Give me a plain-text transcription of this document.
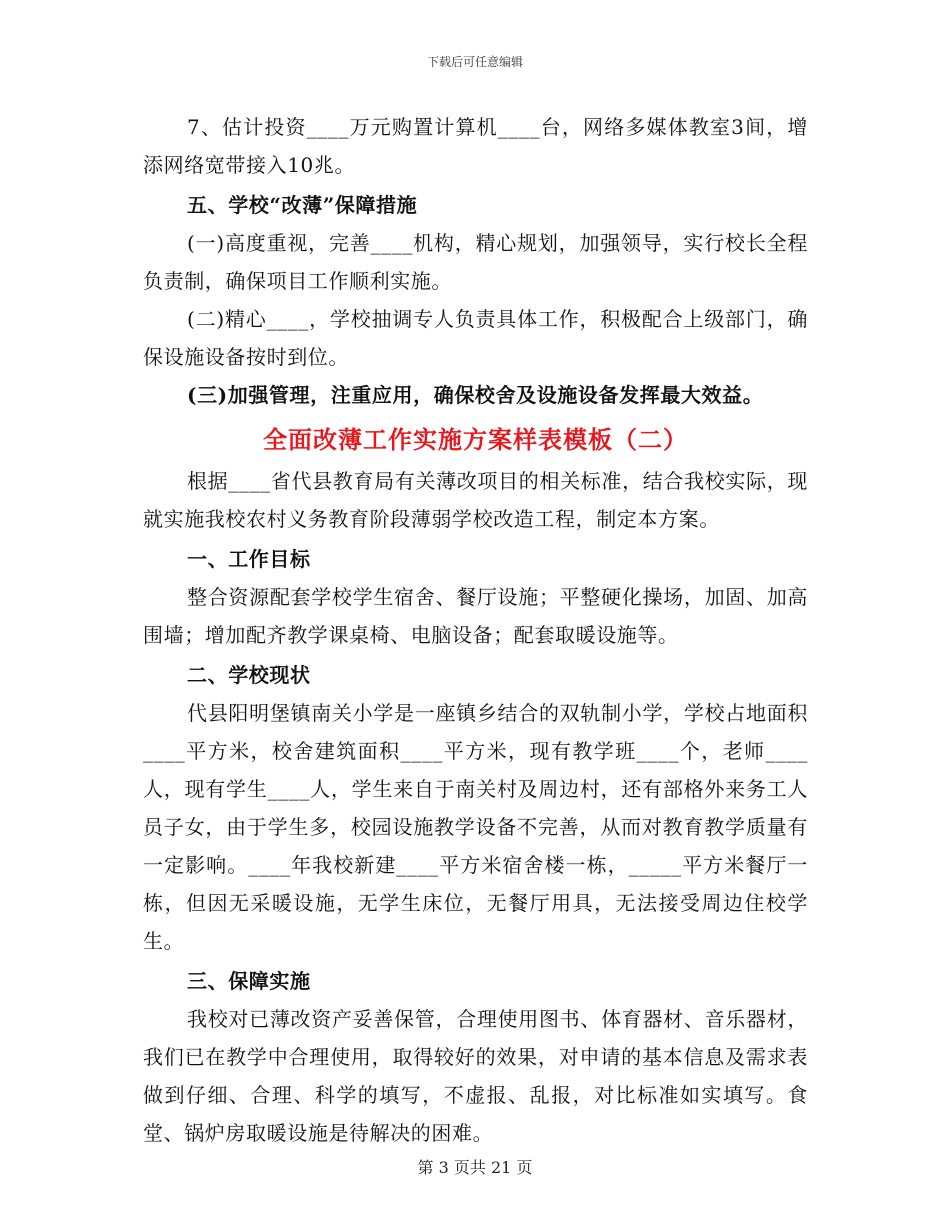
下载后可任意编辑

7、估计投资____万元购置计算机____台，网络多媒体教室3间，增添网络宽带接入10兆。

五、学校“改薄”保障措施

(一)高度重视，完善____机构，精心规划，加强领导，实行校长全程负责制，确保项目工作顺利实施。

(二)精心____，学校抽调专人负责具体工作，积极配合上级部门，确保设施设备按时到位。

(三)加强管理，注重应用，确保校舍及设施设备发挥最大效益。

全面改薄工作实施方案样表模板（二）

根据____省代县教育局有关薄改项目的相关标准，结合我校实际，现就实施我校农村义务教育阶段薄弱学校改造工程，制定本方案。

一、工作目标

整合资源配套学校学生宿舍、餐厅设施；平整硬化操场，加固、加高围墙；增加配齐教学课桌椅、电脑设备；配套取暖设施等。

二、学校现状

代县阳明堡镇南关小学是一座镇乡结合的双轨制小学，学校占地面积____平方米，校舍建筑面积____平方米，现有教学班____个，老师____人，现有学生____人，学生来自于南关村及周边村，还有部格外来务工人员子女，由于学生多，校园设施教学设备不完善，从而对教育教学质量有一定影响。____年我校新建____平方米宿舍楼一栋，_____平方米餐厅一栋，但因无采暖设施，无学生床位，无餐厅用具，无法接受周边住校学生。

三、保障实施

我校对已薄改资产妥善保管，合理使用图书、体育器材、音乐器材，我们已在教学中合理使用，取得较好的效果，对申请的基本信息及需求表做到仔细、合理、科学的填写，不虚报、乱报，对比标准如实填写。食堂、锅炉房取暖设施是待解决的困难。

第 3 页共 21 页
